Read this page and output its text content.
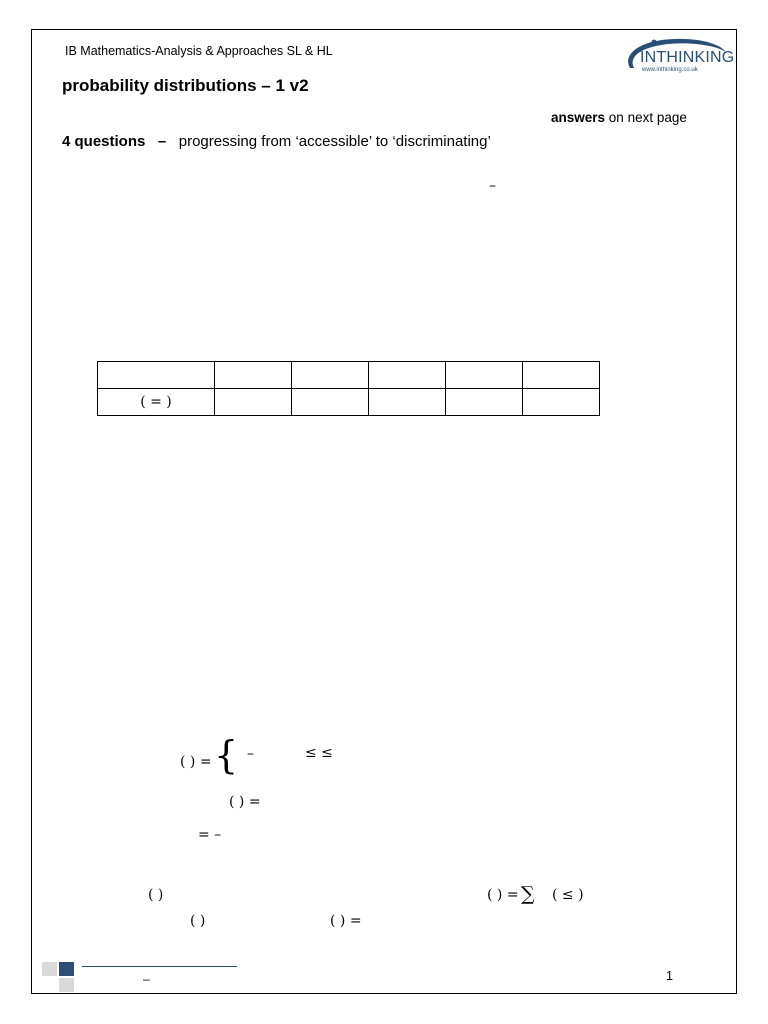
IB Mathematics-Analysis & Approaches SL & HL	INTHINKING
www.inthinking.co.uk
probability distributions – 1 v2
answers on next page
4 questions – progressing from ‘accessible’ to ‘discriminating’
–

( = )					
( ) = { –	≤ ≤
( ) =
= –
( )	( ) = ∑ ( ≤ )
( )	( ) =
–	1
